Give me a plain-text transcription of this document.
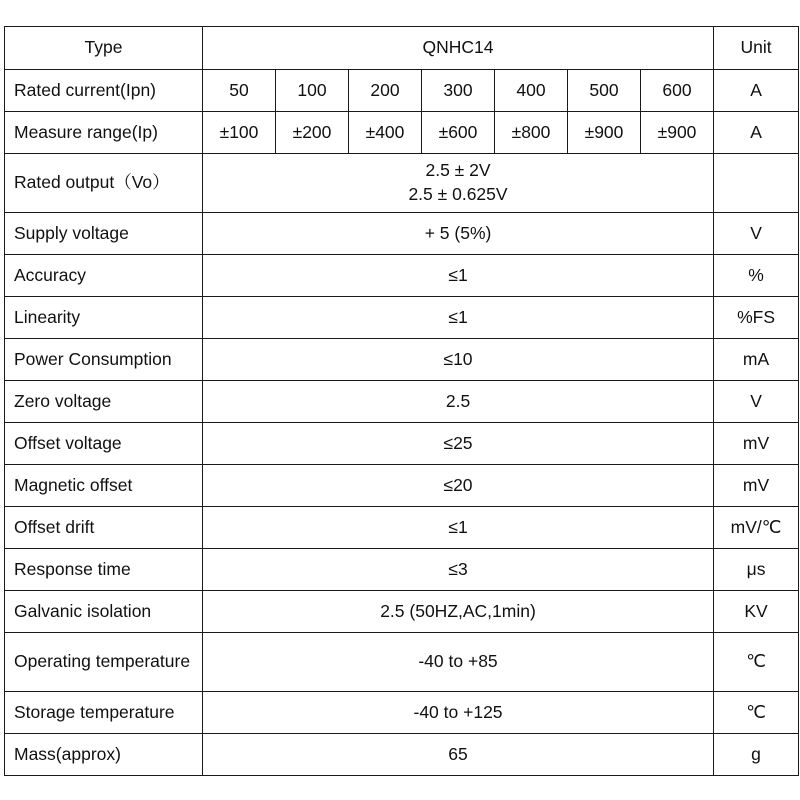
Type	QNHC14							Unit
Rated current(Ipn)	50	100	200	300	400	500	600	A
Measure range(Ip)	±100	±200	±400	±600	±800	±900	±900	A
Rated output（Vo）	2.5 ± 2V
2.5 ± 0.625V							

Supply voltage	+ 5 (5%)							V
Accuracy	≤1							%
Linearity	≤1							%FS
Power Consumption	≤10							mA
Zero voltage	2.5							V
Offset voltage	≤25							mV
Magnetic offset	≤20							mV
Offset drift	≤1							mV/℃
Response time	≤3							μs
Galvanic isolation	2.5 (50HZ,AC,1min)							KV
Operating temperature	-40 to +85							℃
Storage temperature	-40 to +125							℃
Mass(approx)	65							g
